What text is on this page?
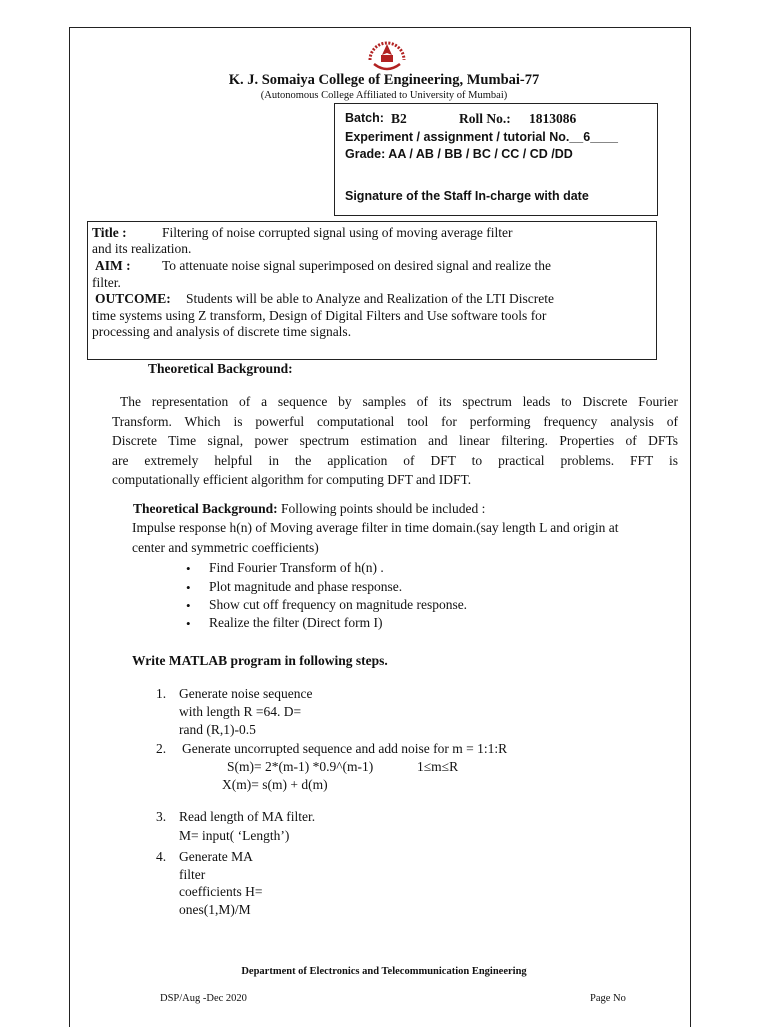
K. J. Somaiya College of Engineering, Mumbai-77
(Autonomous College Affiliated to University of Mumbai)
Batch: B2	Roll No.: 1813086
Experiment / assignment / tutorial No.__6____
Grade: AA / AB / BB / BC / CC / CD /DD
Signature of the Staff In-charge with date
Title :	Filtering of noise corrupted signal using of moving average filter
and its realization.
AIM : To attenuate noise signal superimposed on desired signal and realize the
filter.
OUTCOME: Students will be able to Analyze and Realization of the LTI Discrete
time systems using Z transform, Design of Digital Filters and Use software tools for
processing and analysis of discrete time signals.
Theoretical Background:
The representation of a sequence by samples of its spectrum leads to Discrete Fourier
Transform. Which is powerful computational tool for performing frequency analysis of
Discrete Time signal, power spectrum estimation and linear filtering. Properties of DFTs
are extremely helpful in the application of DFT to practical problems. FFT is
computationally efficient algorithm for computing DFT and IDFT.
Theoretical Background: Following points should be included :
Impulse response h(n) of Moving average filter in time domain.(say length L and origin at
center and symmetric coefficients)
• Find Fourier Transform of h(n) .
• Plot magnitude and phase response.
• Show cut off frequency on magnitude response.
• Realize the filter (Direct form I)
Write MATLAB program in following steps.
1. Generate noise sequence
with length R =64. D=
rand (R,1)-0.5
2. Generate uncorrupted sequence and add noise for m = 1:1:R
S(m)= 2*(m-1) *0.9^(m-1)	1≤m≤R
X(m)= s(m) + d(m)
3. Read length of MA filter.
M= input( ‘Length’)
4. Generate MA
filter
coefficients H=
ones(1,M)/M
Department of Electronics and Telecommunication Engineering
DSP/Aug -Dec 2020	Page No
